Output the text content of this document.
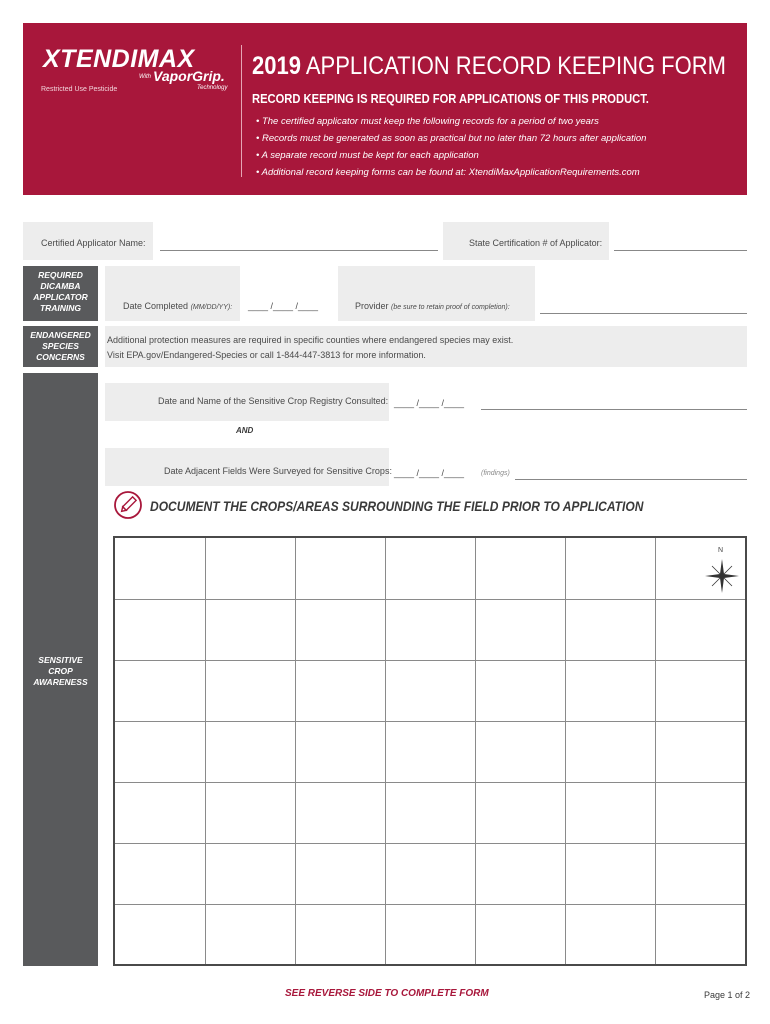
XTENDIMAX
With VaporGrip.
Technology
Restricted Use Pesticide
2019 APPLICATION RECORD KEEPING FORM
RECORD KEEPING IS REQUIRED FOR APPLICATIONS OF THIS PRODUCT.
• The certified applicator must keep the following records for a period of two years
• Records must be generated as soon as practical but no later than 72 hours after application
• A separate record must be kept for each application
• Additional record keeping forms can be found at: XtendiMaxApplicationRequirements.com
Certified Applicator Name:	State Certification # of Applicator:
REQUIRED DICAMBA APPLICATOR TRAINING	Date Completed (MM/DD/YY): ____ /____ /____	Provider (be sure to retain proof of completion):
ENDANGERED SPECIES CONCERNS
Additional protection measures are required in specific counties where endangered species may exist.
Visit EPA.gov/Endangered-Species or call 1-844-447-3813 for more information.
SENSITIVE CROP AWARENESS
Date and Name of the Sensitive Crop Registry Consulted: ____ /____ /____
AND
Date Adjacent Fields Were Surveyed for Sensitive Crops: ____ /____ /____ (findings)
DOCUMENT THE CROPS/AREAS SURROUNDING THE FIELD PRIOR TO APPLICATION
N
SEE REVERSE SIDE TO COMPLETE FORM	Page 1 of 2
